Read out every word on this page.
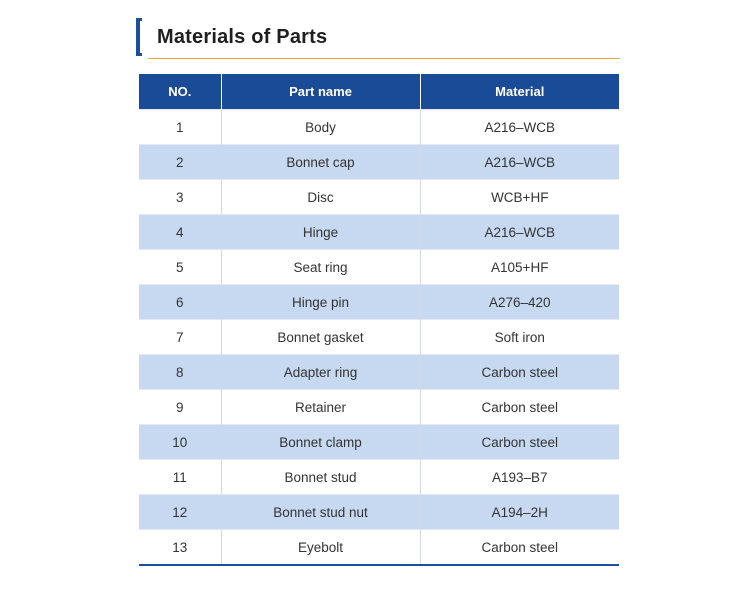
Materials of Parts
NO.	Part name	Material
1	Body	A216–WCB
2	Bonnet cap	A216–WCB
3	Disc	WCB+HF
4	Hinge	A216–WCB
5	Seat ring	A105+HF
6	Hinge pin	A276–420
7	Bonnet gasket	Soft iron
8	Adapter ring	Carbon steel
9	Retainer	Carbon steel
10	Bonnet clamp	Carbon steel
11	Bonnet stud	A193–B7
12	Bonnet stud nut	A194–2H
13	Eyebolt	Carbon steel
